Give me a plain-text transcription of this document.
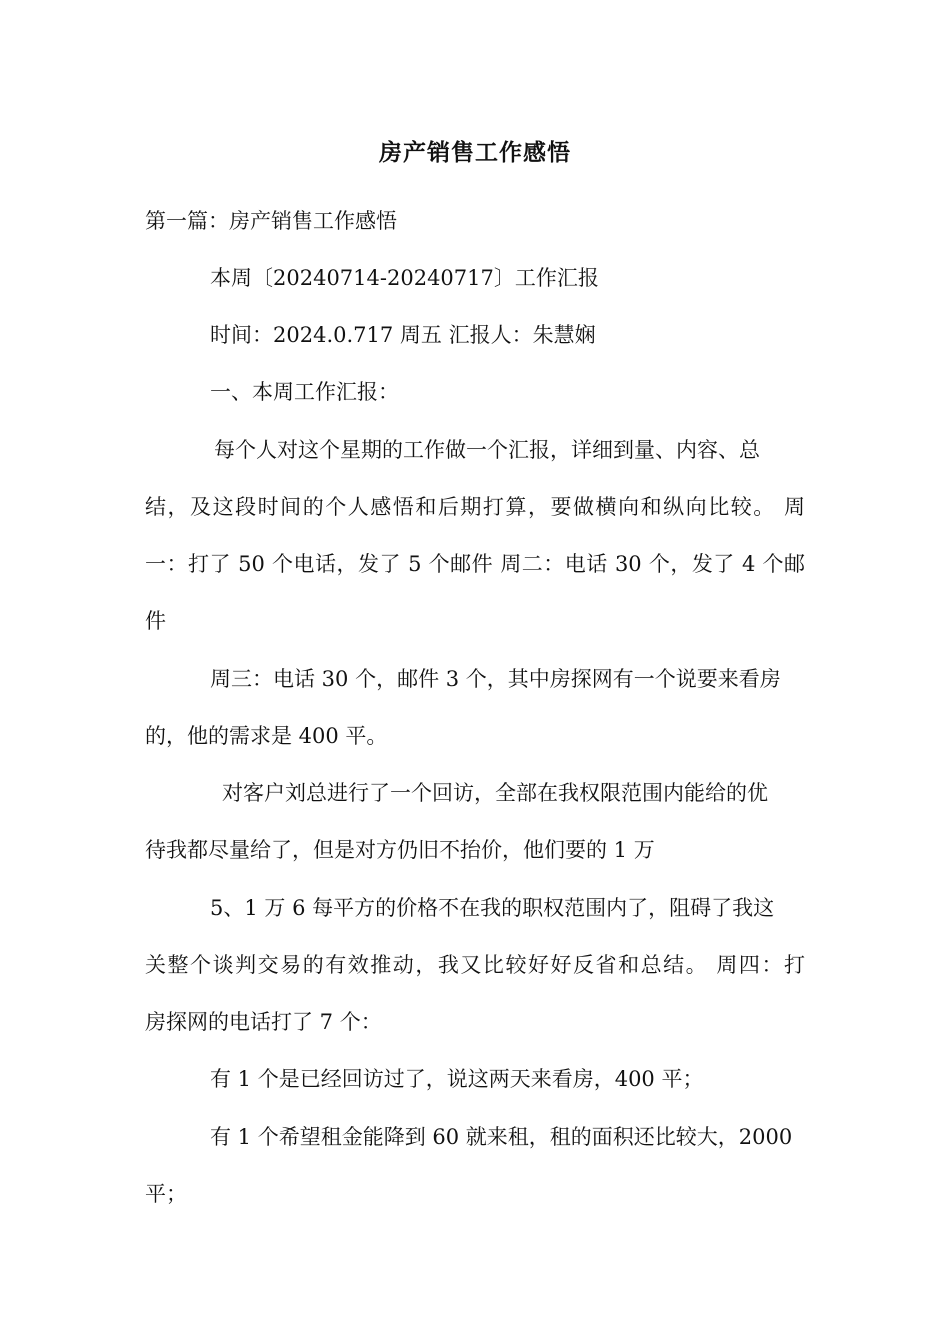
房产销售工作感悟
第一篇：房产销售工作感悟
本周〔20240714-20240717〕工作汇报
时间：2024.0.717 周五 汇报人：朱慧娴
一、本周工作汇报：
每个人对这个星期的工作做一个汇报，详细到量、内容、总
结，及这段时间的个人感悟和后期打算，要做横向和纵向比较。 周
一：打了 50 个电话，发了 5 个邮件 周二：电话 30 个，发了 4 个邮
件
周三：电话 30 个，邮件 3 个，其中房探网有一个说要来看房
的，他的需求是 400 平。
对客户刘总进行了一个回访，全部在我权限范围内能给的优
待我都尽量给了，但是对方仍旧不抬价，他们要的 1 万
5、1 万 6 每平方的价格不在我的职权范围内了，阻碍了我这
关整个谈判交易的有效推动，我又比较好好反省和总结。 周四：打
房探网的电话打了 7 个：
有 1 个是已经回访过了，说这两天来看房，400 平；
有 1 个希望租金能降到 60 就来租，租的面积还比较大，2000
平；
